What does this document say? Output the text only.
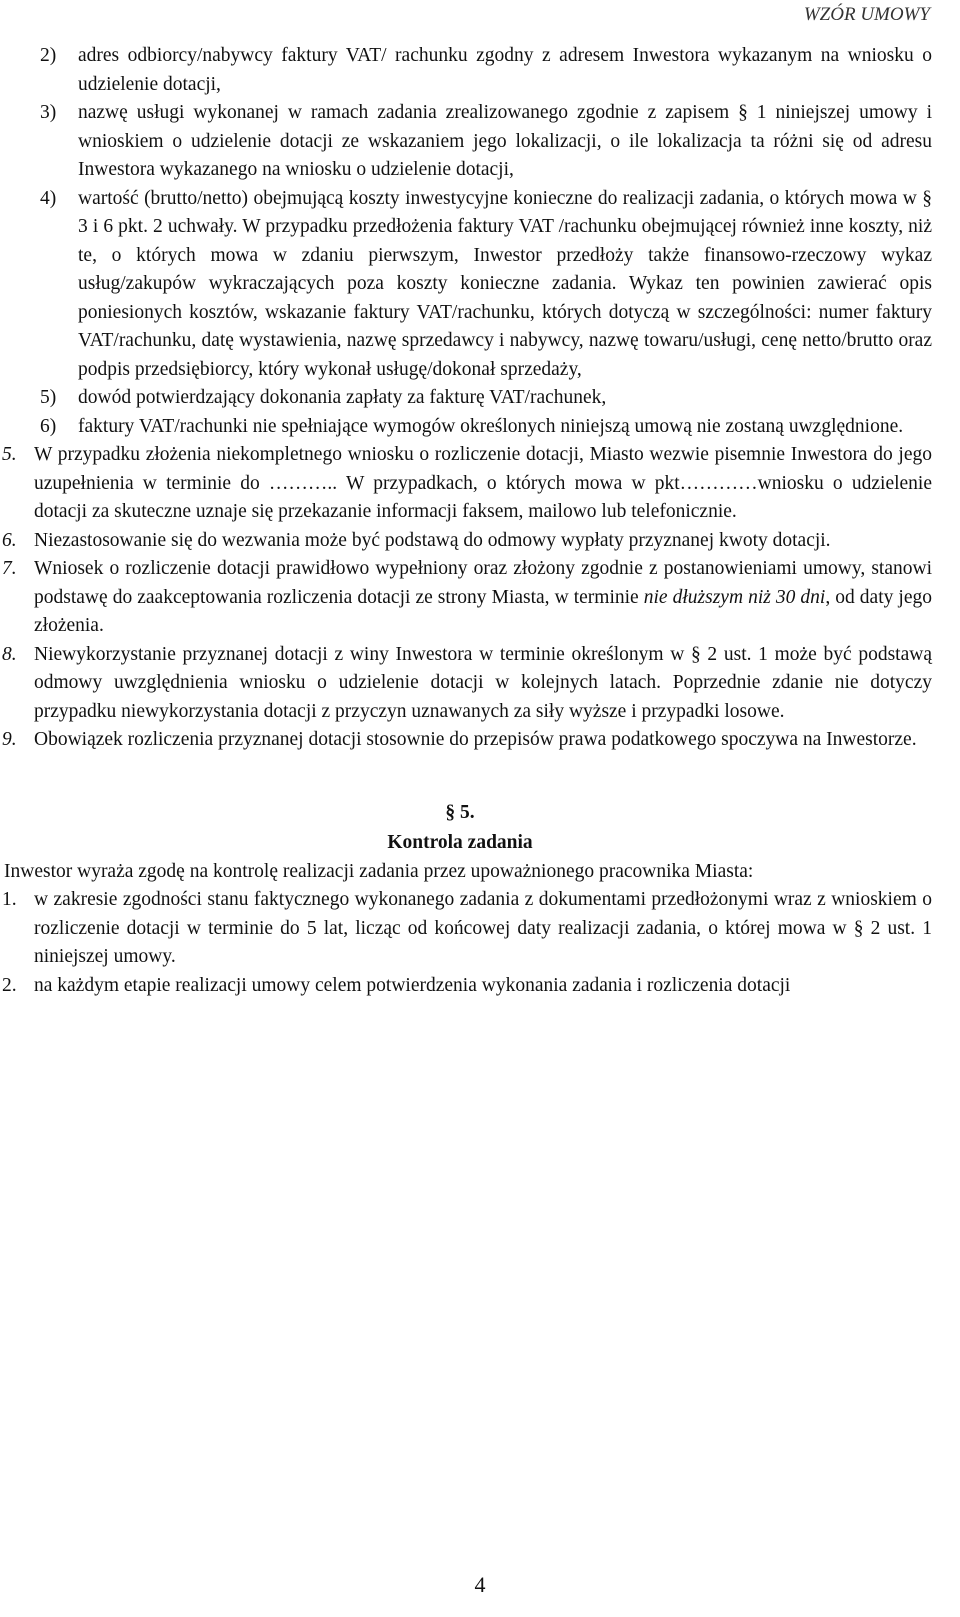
WZÓR UMOWY
2) adres odbiorcy/nabywcy faktury VAT/ rachunku zgodny z adresem Inwestora wykazanym na wniosku o udzielenie dotacji,
3) nazwę usługi wykonanej w ramach zadania zrealizowanego zgodnie z zapisem § 1 niniejszej umowy i wnioskiem o udzielenie dotacji ze wskazaniem jego lokalizacji, o ile lokalizacja ta różni się od adresu Inwestora wykazanego na wniosku o udzielenie dotacji,
4) wartość (brutto/netto) obejmującą koszty inwestycyjne konieczne do realizacji zadania, o których mowa w § 3 i 6 pkt. 2 uchwały. W przypadku przedłożenia faktury VAT /rachunku obejmującej również inne koszty, niż te, o których mowa w zdaniu pierwszym, Inwestor przedłoży także finansowo-rzeczowy wykaz usług/zakupów wykraczających poza koszty konieczne zadania. Wykaz ten powinien zawierać opis poniesionych kosztów, wskazanie faktury VAT/rachunku, których dotyczą w szczególności: numer faktury VAT/rachunku, datę wystawienia, nazwę sprzedawcy i nabywcy, nazwę towaru/usługi, cenę netto/brutto oraz podpis przedsiębiorcy, który wykonał usługę/dokonał sprzedaży,
5) dowód potwierdzający dokonania zapłaty za fakturę VAT/rachunek,
6) faktury VAT/rachunki nie spełniające wymogów określonych niniejszą umową nie zostaną uwzględnione.
5. W przypadku złożenia niekompletnego wniosku o rozliczenie dotacji, Miasto wezwie pisemnie Inwestora do jego uzupełnienia w terminie do ……….. W przypadkach, o których mowa w pkt…………wniosku o udzielenie dotacji za skuteczne uznaje się przekazanie informacji faksem, mailowo lub telefonicznie.
6. Niezastosowanie się do wezwania może być podstawą do odmowy wypłaty przyznanej kwoty dotacji.
7. Wniosek o rozliczenie dotacji prawidłowo wypełniony oraz złożony zgodnie z postanowieniami umowy, stanowi podstawę do zaakceptowania rozliczenia dotacji ze strony Miasta, w terminie nie dłuższym niż 30 dni, od daty jego złożenia.
8. Niewykorzystanie przyznanej dotacji z winy Inwestora w terminie określonym w § 2 ust. 1 może być podstawą odmowy uwzględnienia wniosku o udzielenie dotacji w kolejnych latach. Poprzednie zdanie nie dotyczy przypadku niewykorzystania dotacji z przyczyn uznawanych za siły wyższe i przypadki losowe.
9. Obowiązek rozliczenia przyznanej dotacji stosownie do przepisów prawa podatkowego spoczywa na Inwestorze.
§ 5.
Kontrola zadania
Inwestor wyraża zgodę na kontrolę realizacji zadania przez upoważnionego pracownika Miasta:
1. w zakresie zgodności stanu faktycznego wykonanego zadania z dokumentami przedłożonymi wraz z wnioskiem o rozliczenie dotacji w terminie do 5 lat, licząc od końcowej daty realizacji zadania, o której mowa w § 2 ust. 1 niniejszej umowy.
2. na każdym etapie realizacji umowy celem potwierdzenia wykonania zadania i rozliczenia dotacji
4
